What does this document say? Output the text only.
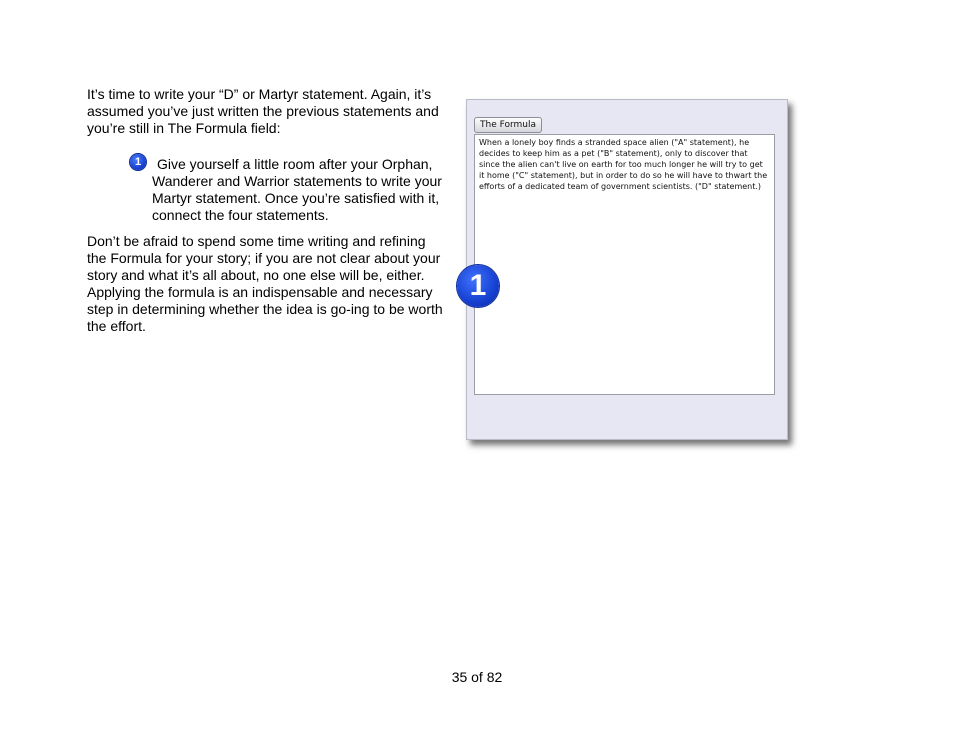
It’s time to write your “D” or Martyr statement. Again, it’s assumed you’ve just written the previous statements and you’re still in The Formula field:

1	Give yourself a little room after your Orphan, Wanderer and Warrior statements to write your Martyr statement. Once you’re satisfied with it, connect the four statements.

Don’t be afraid to spend some time writing and refining the Formula for your story; if you are not clear about your story and what it’s all about, no one else will be, either. Applying the formula is an indispensable and necessary step in determining whether the idea is go-ing to be worth the effort.

The Formula
When a lonely boy finds a stranded space alien ("A" statement), he decides to keep him as a pet ("B" statement), only to discover that since the alien can't live on earth for too much longer he will try to get it home ("C" statement), but in order to do so he will have to thwart the efforts of a dedicated team of government scientists. ("D" statement.)
1
35 of 82
